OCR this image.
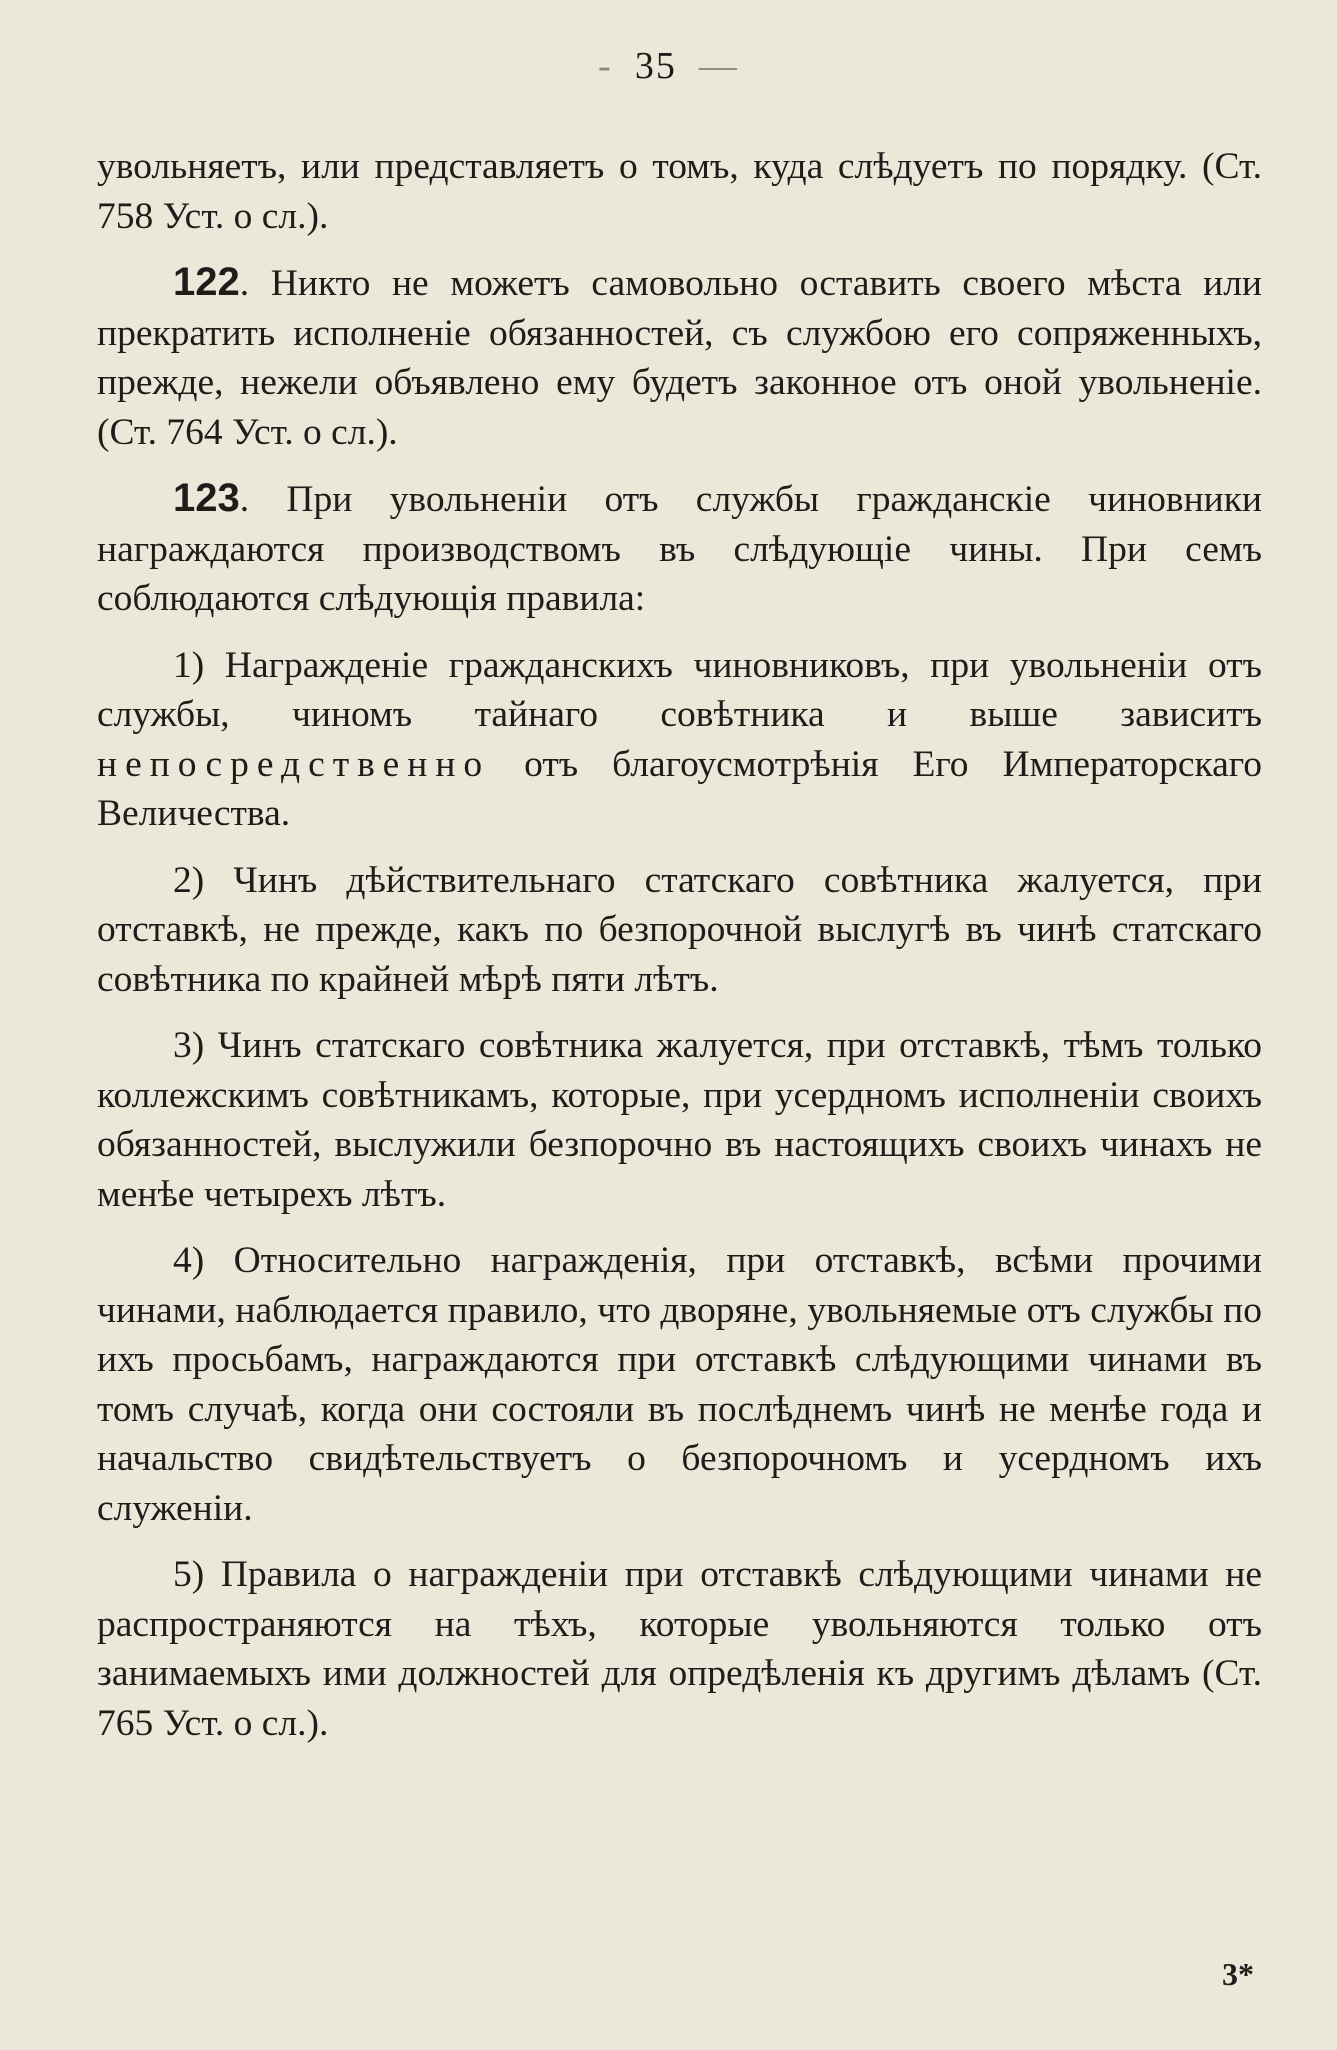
- 35 —

увольняетъ, или представляетъ о томъ, куда слѣдуетъ по порядку. (Ст. 758 Уст. о сл.).

122. Никто не можетъ самовольно оставить своего мѣста или прекратить исполненіе обязанностей, съ службою его сопряженныхъ, прежде, нежели объявлено ему будетъ законное отъ оной увольненіе. (Ст. 764 Уст. о сл.).

123. При увольненіи отъ службы гражданскіе чиновники награждаются производствомъ въ слѣдующіе чины. При семъ соблюдаются слѣдующія правила:

1) Награжденіе гражданскихъ чиновниковъ, при увольненіи отъ службы, чиномъ тайнаго совѣтника и выше зависитъ непосредственно отъ благоусмотрѣнія Его Императорскаго Величества.

2) Чинъ дѣйствительнаго статскаго совѣтника жалуется, при отставкѣ, не прежде, какъ по безпорочной выслугѣ въ чинѣ статскаго совѣтника по крайней мѣрѣ пяти лѣтъ.

3) Чинъ статскаго совѣтника жалуется, при отставкѣ, тѣмъ только коллежскимъ совѣтникамъ, которые, при усердномъ исполненіи своихъ обязанностей, выслужили безпорочно въ настоящихъ своихъ чинахъ не менѣе четырехъ лѣтъ.

4) Относительно награжденія, при отставкѣ, всѣми прочими чинами, наблюдается правило, что дворяне, увольняемые отъ службы по ихъ просьбамъ, награждаются при отставкѣ слѣдующими чинами въ томъ случаѣ, когда они состояли въ послѣднемъ чинѣ не менѣе года и начальство свидѣтельствуетъ о безпорочномъ и усердномъ ихъ служеніи.

5) Правила о награжденіи при отставкѣ слѣдующими чинами не распространяются на тѣхъ, которые увольняются только отъ занимаемыхъ ими должностей для опредѣленія къ другимъ дѣламъ (Ст. 765 Уст. о сл.).

3*
